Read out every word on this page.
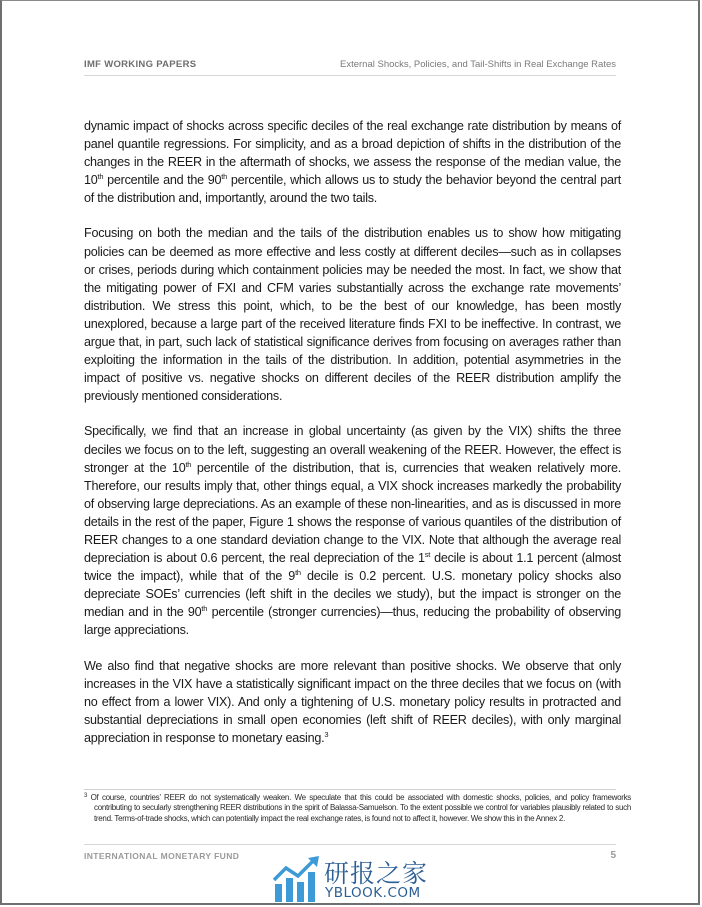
IMF WORKING PAPERS	External Shocks, Policies, and Tail-Shifts in Real Exchange Rates

dynamic impact of shocks across specific deciles of the real exchange rate distribution by means of panel quantile regressions. For simplicity, and as a broad depiction of shifts in the distribution of the changes in the REER in the aftermath of shocks, we assess the response of the median value, the 10th percentile and the 90th percentile, which allows us to study the behavior beyond the central part of the distribution and, importantly, around the two tails.

Focusing on both the median and the tails of the distribution enables us to show how mitigating policies can be deemed as more effective and less costly at different deciles—such as in collapses or crises, periods during which containment policies may be needed the most. In fact, we show that the mitigating power of FXI and CFM varies substantially across the exchange rate movements’ distribution. We stress this point, which, to be the best of our knowledge, has been mostly unexplored, because a large part of the received literature finds FXI to be ineffective. In contrast, we argue that, in part, such lack of statistical significance derives from focusing on averages rather than exploiting the information in the tails of the distribution. In addition, potential asymmetries in the impact of positive vs. negative shocks on different deciles of the REER distribution amplify the previously mentioned considerations.

Specifically, we find that an increase in global uncertainty (as given by the VIX) shifts the three deciles we focus on to the left, suggesting an overall weakening of the REER. However, the effect is stronger at the 10th percentile of the distribution, that is, currencies that weaken relatively more. Therefore, our results imply that, other things equal, a VIX shock increases markedly the probability of observing large depreciations. As an example of these non-linearities, and as is discussed in more details in the rest of the paper, Figure 1 shows the response of various quantiles of the distribution of REER changes to a one standard deviation change to the VIX. Note that although the average real depreciation is about 0.6 percent, the real depreciation of the 1st decile is about 1.1 percent (almost twice the impact), while that of the 9th decile is 0.2 percent. U.S. monetary policy shocks also depreciate SOEs’ currencies (left shift in the deciles we study), but the impact is stronger on the median and in the 90th percentile (stronger currencies)—thus, reducing the probability of observing large appreciations.

We also find that negative shocks are more relevant than positive shocks. We observe that only increases in the VIX have a statistically significant impact on the three deciles that we focus on (with no effect from a lower VIX). And only a tightening of U.S. monetary policy results in protracted and substantial depreciations in small open economies (left shift of REER deciles), with only marginal appreciation in response to monetary easing.$^3$

$^3$ Of course, countries’ REER do not systematically weaken. We speculate that this could be associated with domestic shocks, policies, and policy frameworks contributing to secularly strengthening REER distributions in the spirit of Balassa-Samuelson. To the extent possible we control for variables plausibly related to such trend. Terms-of-trade shocks, which can potentially impact the real exchange rates, is found not to affect it, however. We show this in the Annex 2.
INTERNATIONAL MONETARY FUND	5
研报之家
YBLOOK.COM
